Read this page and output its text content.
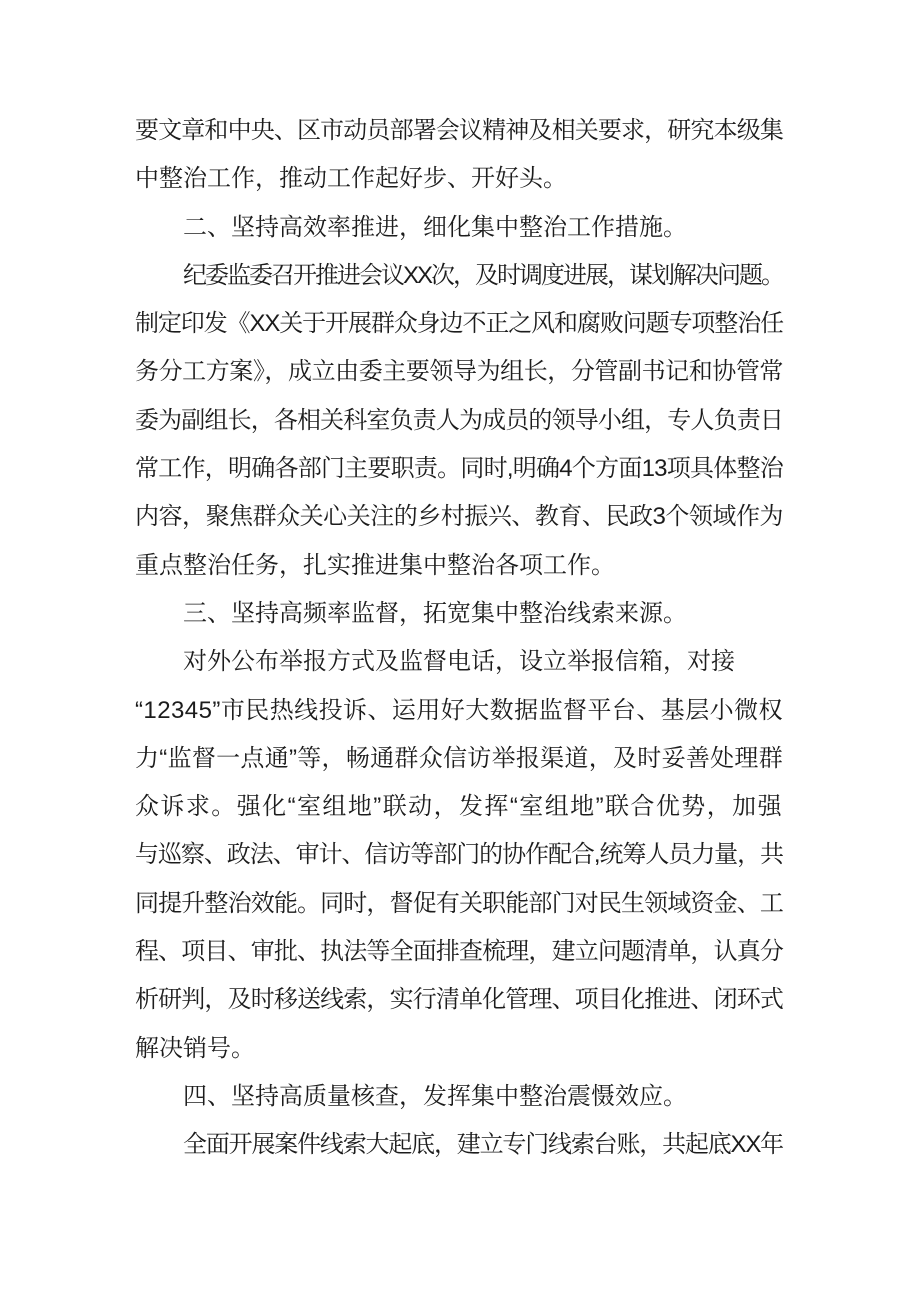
要文章和中央、区市动员部署会议精神及相关要求，研究本级集
中整治工作，推动工作起好步、开好头。
二、坚持高效率推进，细化集中整治工作措施。
纪委监委召开推进会议XX次，及时调度进展，谋划解决问题。
制定印发《XX关于开展群众身边不正之风和腐败问题专项整治任
务分工方案》，成立由委主要领导为组长，分管副书记和协管常
委为副组长，各相关科室负责人为成员的领导小组，专人负责日
常工作，明确各部门主要职责。同时,明确4个方面13项具体整治
内容，聚焦群众关心关注的乡村振兴、教育、民政3个领域作为
重点整治任务，扎实推进集中整治各项工作。
三、坚持高频率监督，拓宽集中整治线索来源。
对外公布举报方式及监督电话，设立举报信箱，对接
“12345”市民热线投诉、运用好大数据监督平台、基层小微权
力“监督一点通”等，畅通群众信访举报渠道，及时妥善处理群
众诉求。强化“室组地”联动，发挥“室组地”联合优势，加强
与巡察、政法、审计、信访等部门的协作配合,统筹人员力量，共
同提升整治效能。同时，督促有关职能部门对民生领域资金、工
程、项目、审批、执法等全面排查梳理，建立问题清单，认真分
析研判，及时移送线索，实行清单化管理、项目化推进、闭环式
解决销号。
四、坚持高质量核查，发挥集中整治震慑效应。
全面开展案件线索大起底，建立专门线索台账，共起底XX年
